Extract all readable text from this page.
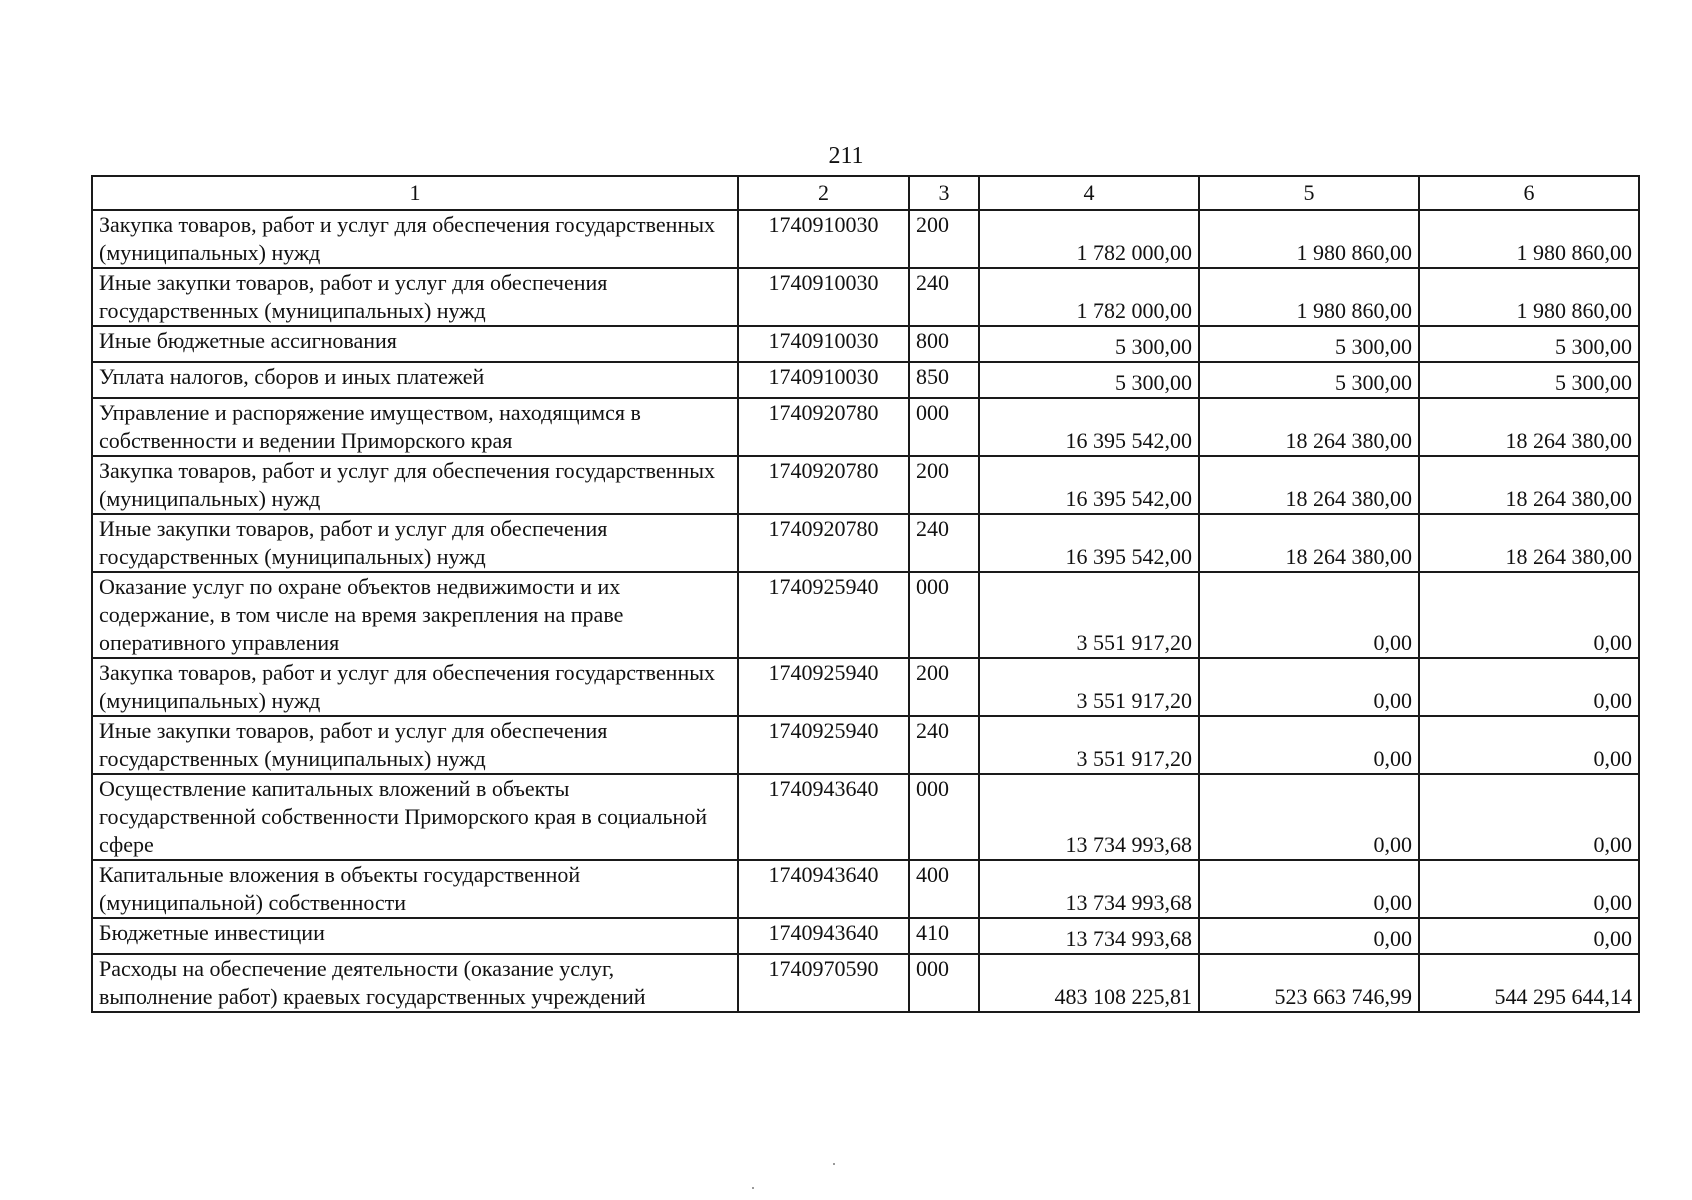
211
1	2	3	4	5	6
Закупка товаров, работ и услуг для обеспечения государственных (муниципальных) нужд	1740910030	200	1 782 000,00	1 980 860,00	1 980 860,00
Иные закупки товаров, работ и услуг для обеспечения государственных (муниципальных) нужд	1740910030	240	1 782 000,00	1 980 860,00	1 980 860,00
Иные бюджетные ассигнования	1740910030	800	5 300,00	5 300,00	5 300,00
Уплата налогов, сборов и иных платежей	1740910030	850	5 300,00	5 300,00	5 300,00
Управление и распоряжение имуществом, находящимся в собственности и ведении Приморского края	1740920780	000	16 395 542,00	18 264 380,00	18 264 380,00
Закупка товаров, работ и услуг для обеспечения государственных (муниципальных) нужд	1740920780	200	16 395 542,00	18 264 380,00	18 264 380,00
Иные закупки товаров, работ и услуг для обеспечения государственных (муниципальных) нужд	1740920780	240	16 395 542,00	18 264 380,00	18 264 380,00
Оказание услуг по охране объектов недвижимости и их содержание, в том числе на время закрепления на праве оперативного управления	1740925940	000	3 551 917,20	0,00	0,00
Закупка товаров, работ и услуг для обеспечения государственных (муниципальных) нужд	1740925940	200	3 551 917,20	0,00	0,00
Иные закупки товаров, работ и услуг для обеспечения государственных (муниципальных) нужд	1740925940	240	3 551 917,20	0,00	0,00
Осуществление капитальных вложений в объекты государственной собственности Приморского края в социальной сфере	1740943640	000	13 734 993,68	0,00	0,00
Капитальные вложения в объекты государственной (муниципальной) собственности	1740943640	400	13 734 993,68	0,00	0,00
Бюджетные инвестиции	1740943640	410	13 734 993,68	0,00	0,00
Расходы на обеспечение деятельности (оказание услуг, выполнение работ) краевых государственных учреждений	1740970590	000	483 108 225,81	523 663 746,99	544 295 644,14
